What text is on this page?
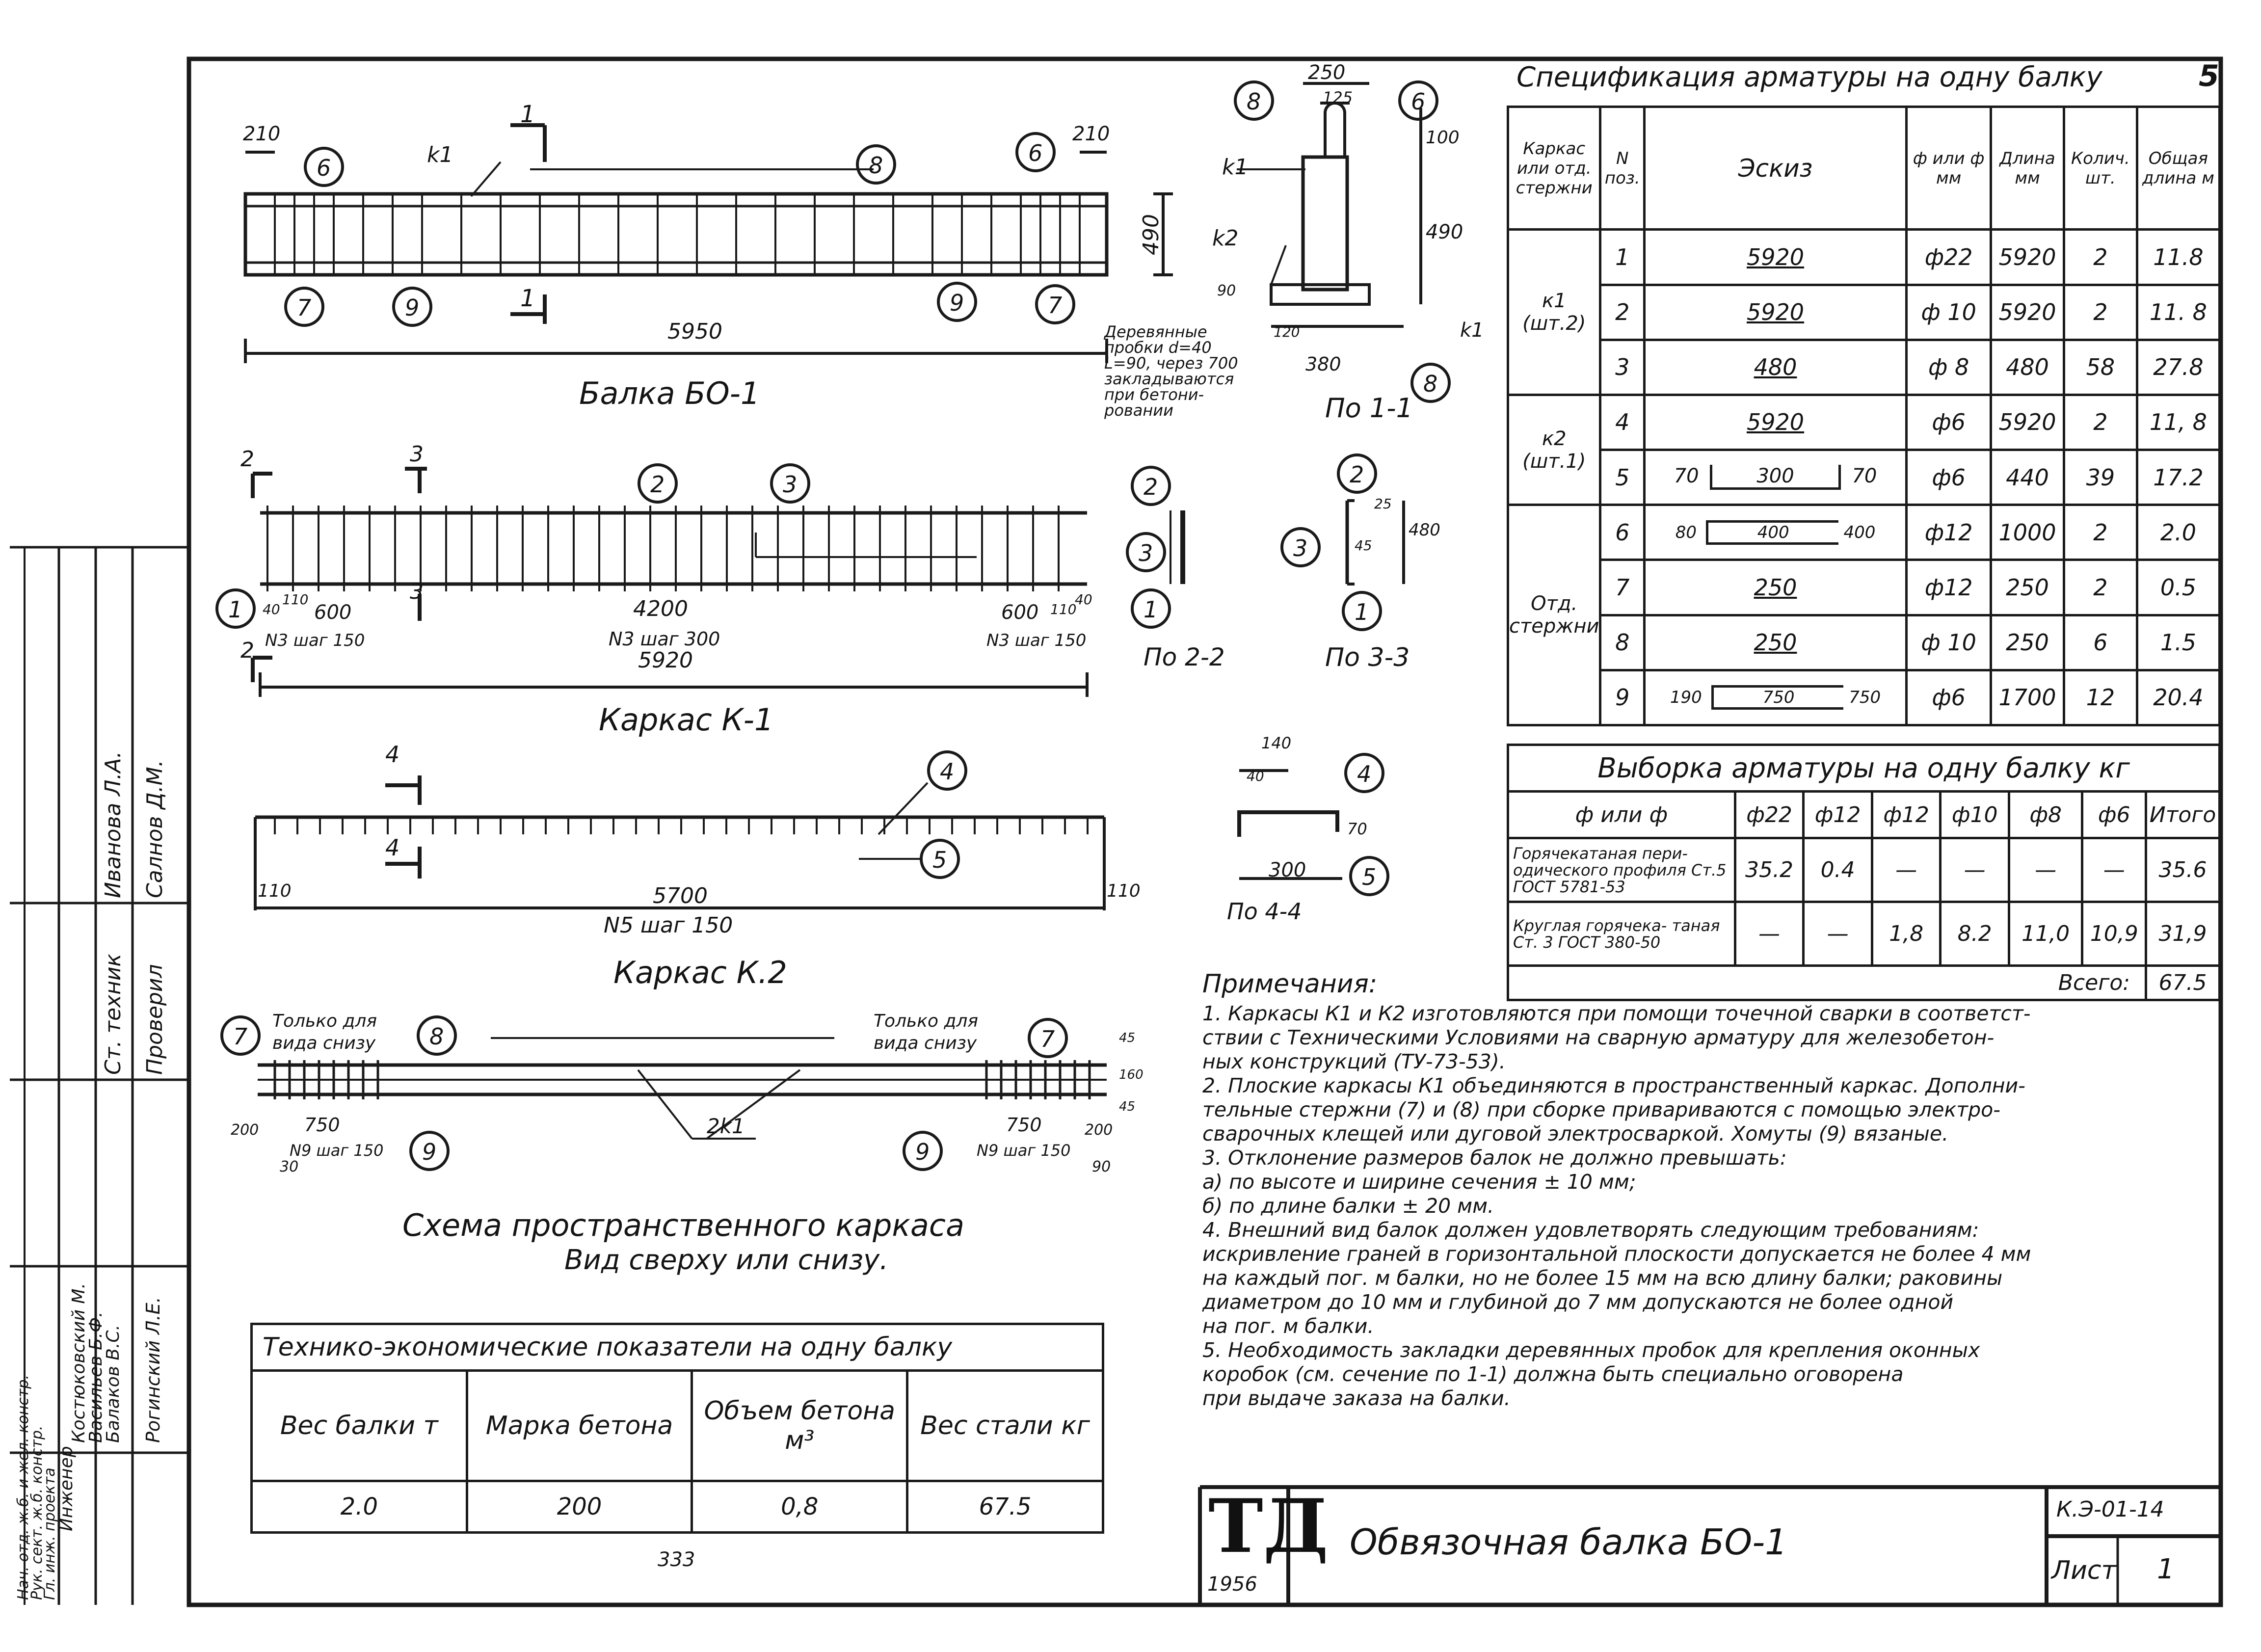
5
210	210
5950
490
k1
1
1
6	8	6
7	9	9	7
Балка БО-1
250
125
100
490
380
120
90
k1
k2
k1
8	6
8
По 1-1
Деревянные
пробки d=40
L=90, через 700
закладываются
при бетони-
ровании
40
110
600	4200	600 110
40
5920
N3 шаг 150	N3 шаг 300	N3 шаг 150
2	3
3
2
2	3
1
2
3
1
По 2-2
Каркас К-1
25
45
480
2
3
1
По 3-3
110	5700	110
N5 шаг 150
4
4
4
5
Каркас К.2
140
40
70
300
4
5
По 4-4
Только для
вида снизу
Только для
вида снизу
200 750
30
N9 шаг 150
2k1	750	200
90
N9 шаг 150
45
160
45
7	8
9	9
7
Схема пространственного каркаса
Вид сверху или снизу.
Спецификация арматуры на одну балку
Каркас или отд. стержни	N поз.	Эскиз	ф или ф мм	Длина мм	Колич. шт.	Общая длина м
к1 (шт.2)	1	5920	ф22	5920	2	11.8
	2	5920	ф 10	5920	2	11. 8
	3	480	ф 8	480	58	27.8
к2 (шт.1)	4	5920	ф6	5920	2	11, 8
	5	70 300 70	ф6	440	39	17.2
Отд. стержни	6	80 400 400	ф12	1000	2	2.0
	7	250	ф12	250	2	0.5
	8	250	ф 10	250	6	1.5
	9	190 750 750	ф6	1700	12	20.4
Выборка арматуры на одну балку кг							
ф или ф	ф22	ф12	ф12	ф10	ф8	ф6	Итого
Горячекатаная пери- одического профиля Ст.5 ГОСТ 5781-53	35.2	0.4	—	—	—	—	35.6
Круглая горячека- таная Ст. 3 ГОСТ 380-50	—	—	1,8	8.2	11,0	10,9	31,9
Всего:							67.5
Примечания:
1. Каркасы К1 и К2 изготовляются при помощи точечной сварки в соответст-
ствии с Техническими Условиями на сварную арматуру для железобетон-
ных конструкций (ТУ-73-53).
2. Плоские каркасы К1 объединяются в пространственный каркас. Дополни-
тельные стержни (7) и (8) при сборке привариваются с помощью электро-
сварочных клещей или дуговой электросваркой. Хомуты (9) вязаные.
3. Отклонение размеров балок не должно превышать:
а) по высоте и ширине сечения ± 10 мм;
б) по длине балки ± 20 мм.
4. Внешний вид балок должен удовлетворять следующим требованиям:
искривление граней в горизонтальной плоскости допускается не более 4 мм
на каждый пог. м балки, но не более 15 мм на всю длину балки; раковины
диаметром до 10 мм и глубиной до 7 мм допускаются не более одной
на пог. м балки.
5. Необходимость закладки деревянных пробок для крепления оконных
коробок (см. сечение по 1-1) должна быть специально оговорена
при выдаче заказа на балки.
Технико-экономические показатели на одну балку			
Вес балки т	Марка бетона	Объем бетона м³	Вес стали кг
2.0	200	0,8	67.5
333	ТД
1956
Обвязочная балка БО-1
К.Э-01-14
Лист 1
Нач. отд. ж.б. и жел. констр.
Рук. сект. ж.б. констр.
Гл. инж. проекта
Инженер
Костюковский М.
Васильев Б.Ф.
Балаков В.С. Рогинский Л.Е.
Ст. техник Проверил
Иванова Л.А. Салнов Д.М.
